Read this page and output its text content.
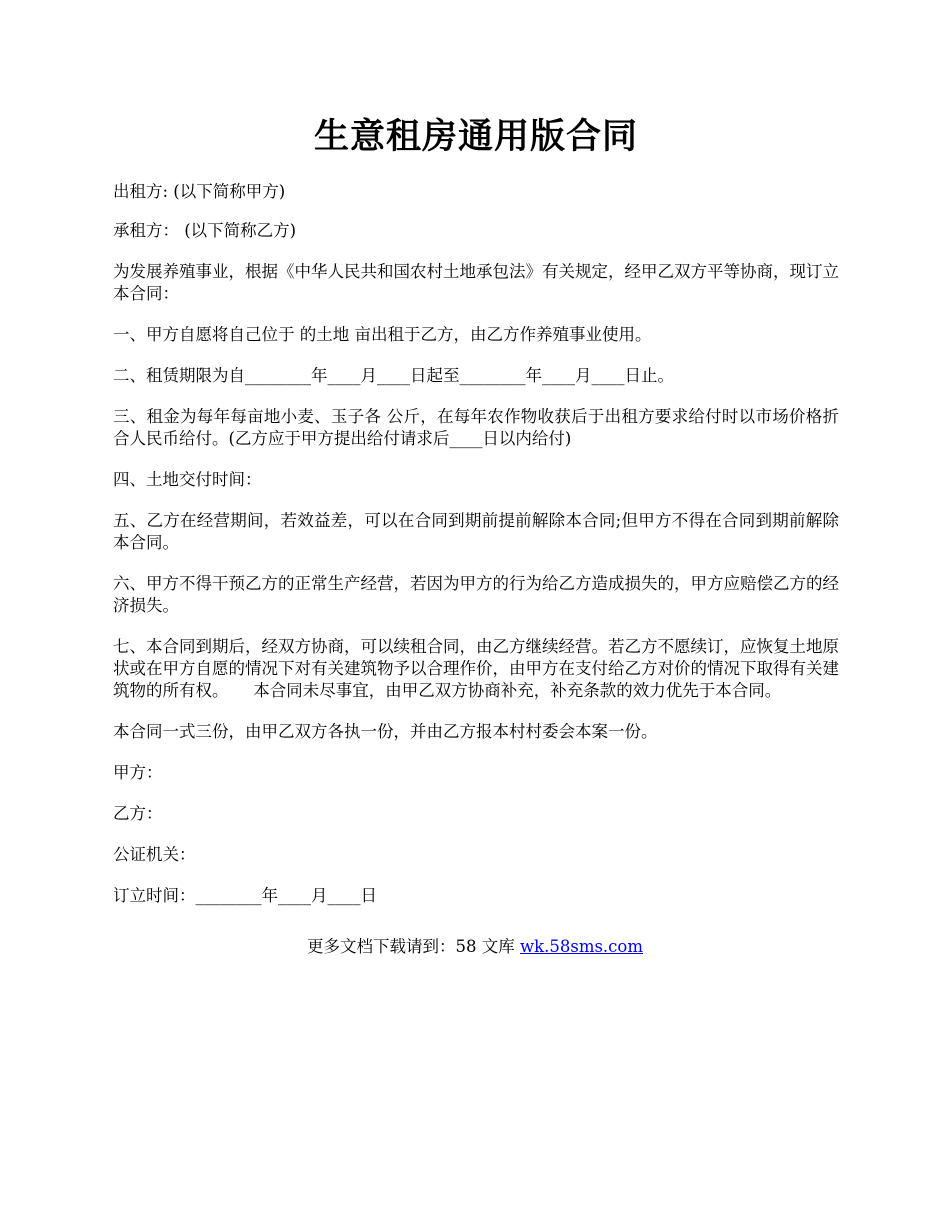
生意租房通用版合同

出租方: (以下简称甲方)

承租方： (以下简称乙方)

为发展养殖事业，根据《中华人民共和国农村土地承包法》有关规定，经甲乙双方平等协商，现订立本合同：

一、甲方自愿将自己位于 的土地 亩出租于乙方，由乙方作养殖事业使用。

二、租赁期限为自________年____月____日起至________年____月____日止。

三、租金为每年每亩地小麦、玉子各 公斤，在每年农作物收获后于出租方要求给付时以市场价格折合人民币给付。(乙方应于甲方提出给付请求后____日以内给付)

四、土地交付时间：

五、乙方在经营期间，若效益差，可以在合同到期前提前解除本合同;但甲方不得在合同到期前解除本合同。

六、甲方不得干预乙方的正常生产经营，若因为甲方的行为给乙方造成损失的，甲方应赔偿乙方的经济损失。

七、本合同到期后，经双方协商，可以续租合同，由乙方继续经营。若乙方不愿续订，应恢复土地原状或在甲方自愿的情况下对有关建筑物予以合理作价，由甲方在支付给乙方对价的情况下取得有关建筑物的所有权。　　本合同未尽事宜，由甲乙双方协商补充，补充条款的效力优先于本合同。

本合同一式三份，由甲乙双方各执一份，并由乙方报本村村委会本案一份。

甲方：

乙方：

公证机关：

订立时间：________年____月____日

更多文档下载请到：58 文库 wk.58sms.com
